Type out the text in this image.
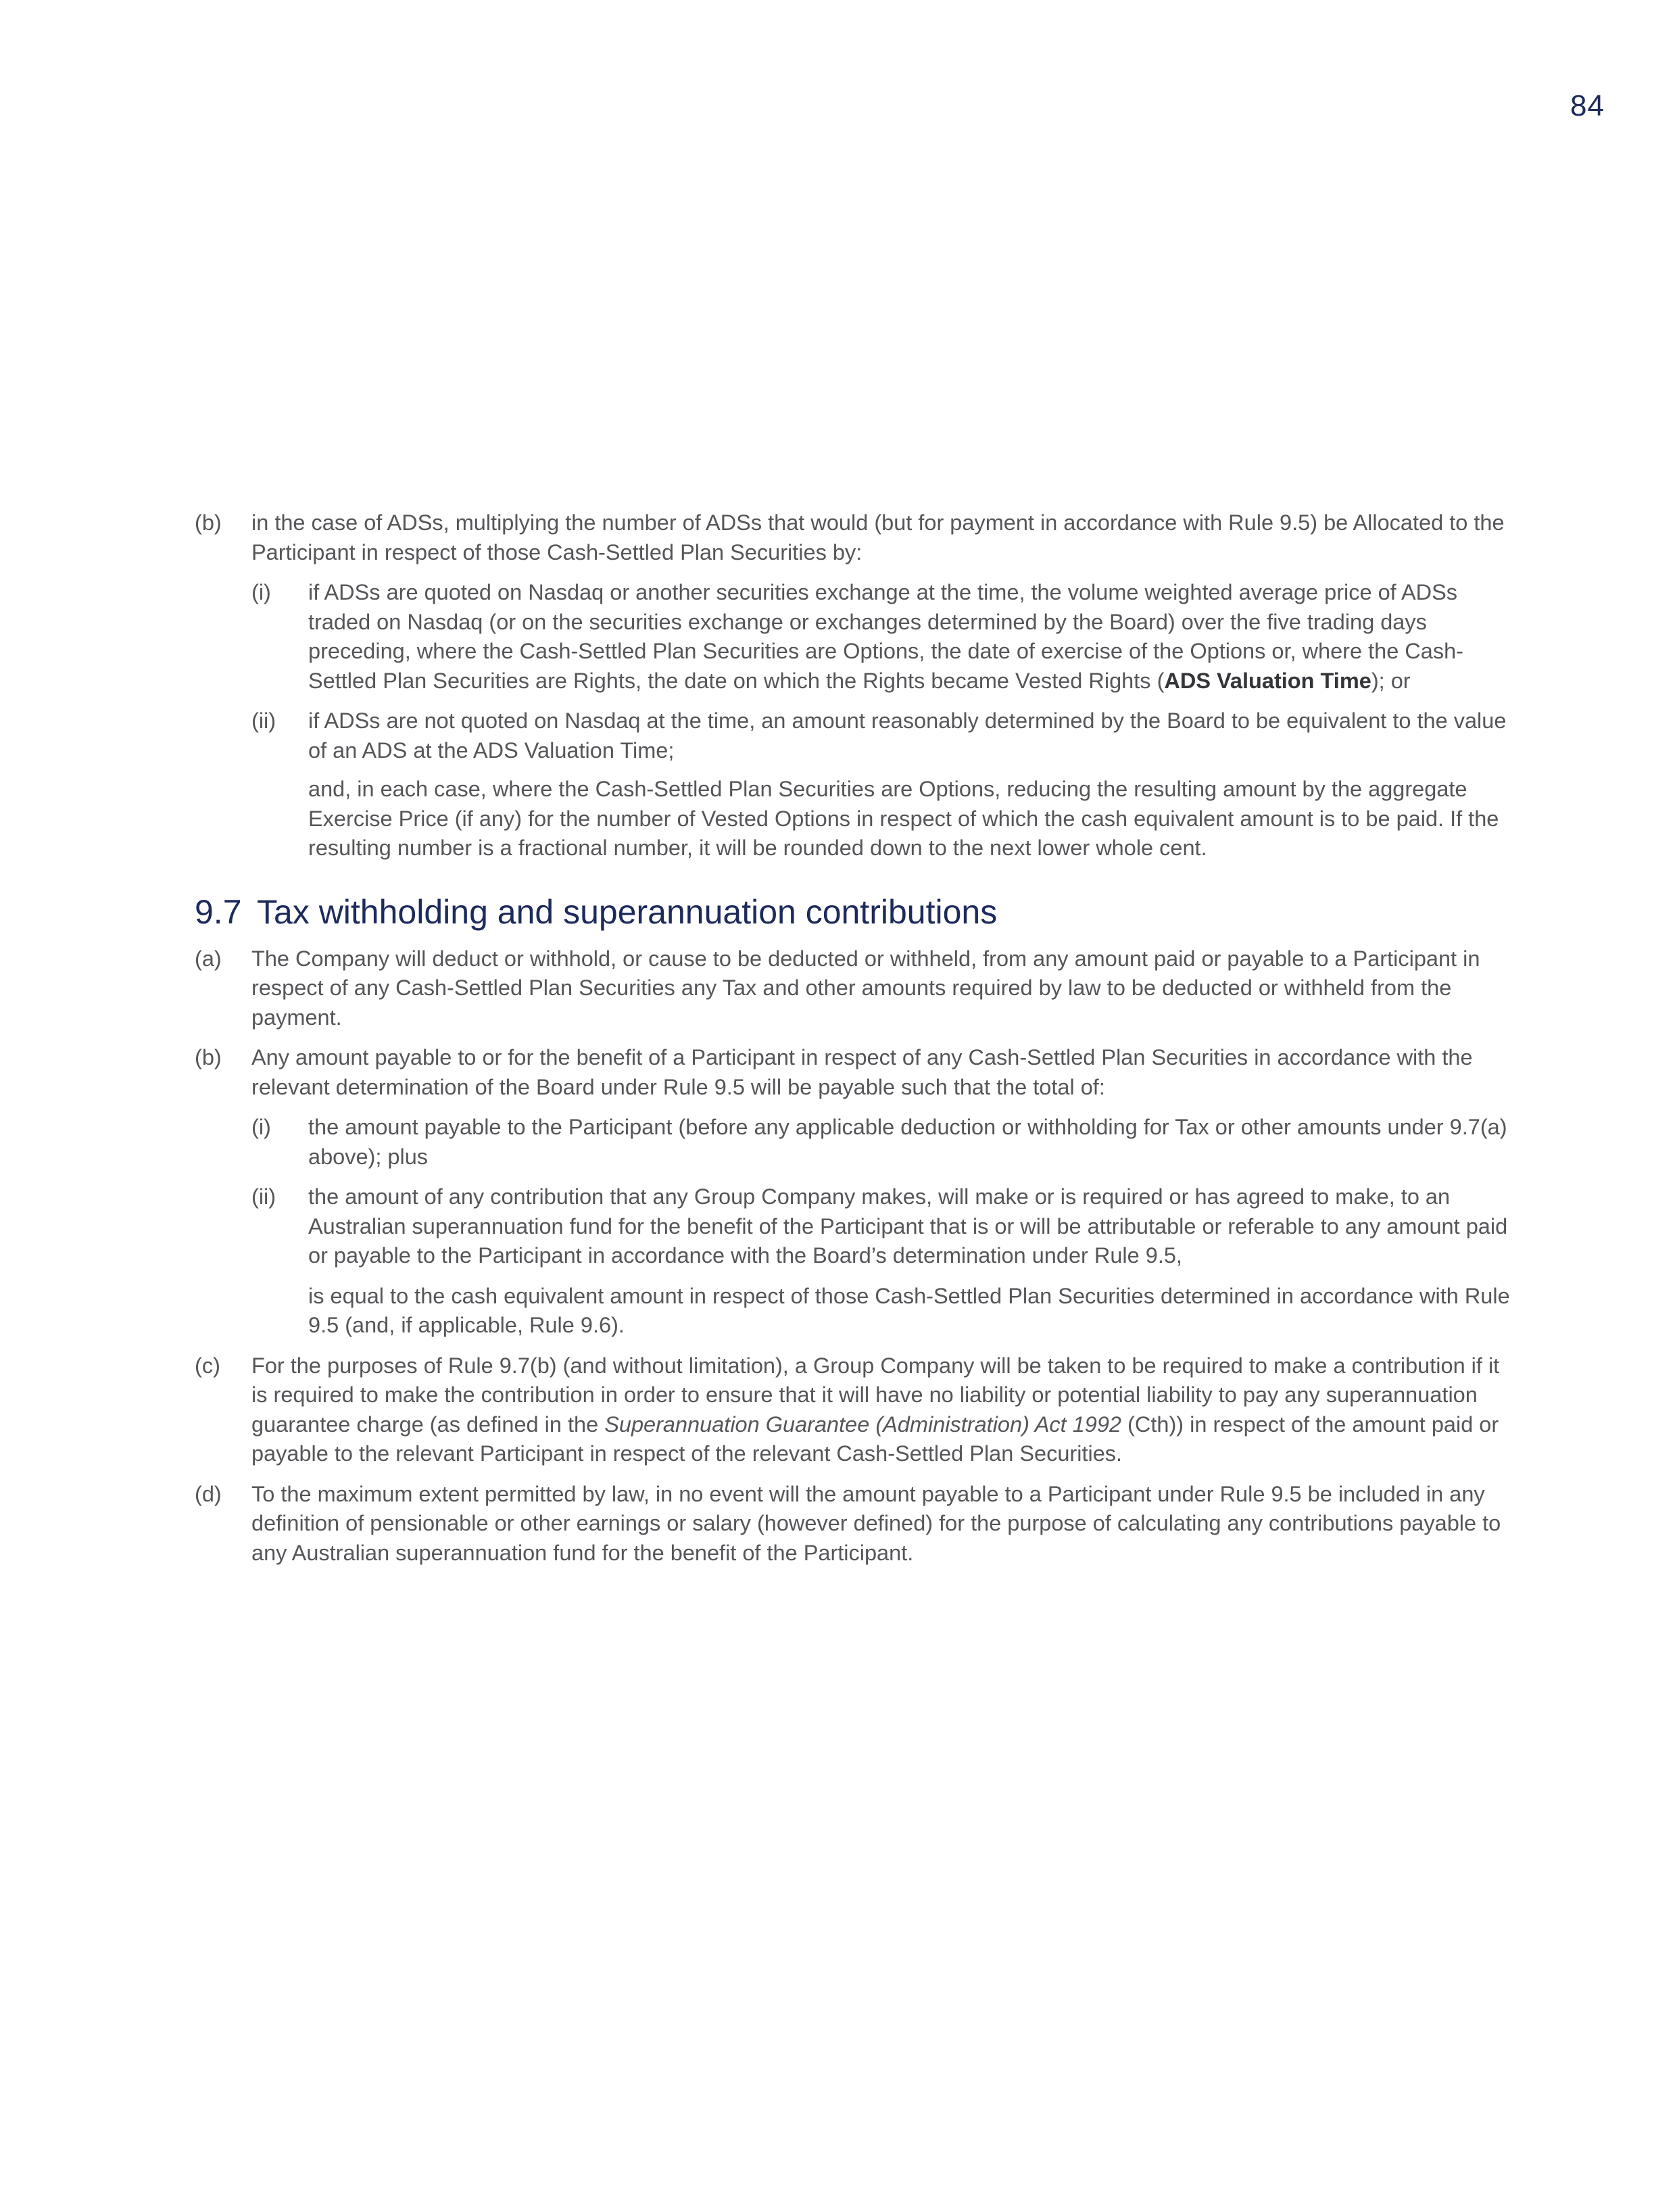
84
(b)	in the case of ADSs, multiplying the number of ADSs that would (but for payment in accordance with Rule 9.5) be Allocated to the Participant in respect of those Cash-Settled Plan Securities by:
(i)	if ADSs are quoted on Nasdaq or another securities exchange at the time, the volume weighted average price of ADSs traded on Nasdaq (or on the securities exchange or exchanges determined by the Board) over the five trading days preceding, where the Cash-Settled Plan Securities are Options, the date of exercise of the Options or, where the Cash-Settled Plan Securities are Rights, the date on which the Rights became Vested Rights (ADS Valuation Time); or
(ii)	if ADSs are not quoted on Nasdaq at the time, an amount reasonably determined by the Board to be equivalent to the value of an ADS at the ADS Valuation Time;
and, in each case, where the Cash-Settled Plan Securities are Options, reducing the resulting amount by the aggregate Exercise Price (if any) for the number of Vested Options in respect of which the cash equivalent amount is to be paid. If the resulting number is a fractional number, it will be rounded down to the next lower whole cent.
9.7 Tax withholding and superannuation contributions
(a)	The Company will deduct or withhold, or cause to be deducted or withheld, from any amount paid or payable to a Participant in respect of any Cash-Settled Plan Securities any Tax and other amounts required by law to be deducted or withheld from the payment.
(b)	Any amount payable to or for the benefit of a Participant in respect of any Cash-Settled Plan Securities in accordance with the relevant determination of the Board under Rule 9.5 will be payable such that the total of:
(i)	the amount payable to the Participant (before any applicable deduction or withholding for Tax or other amounts under 9.7(a) above); plus
(ii)	the amount of any contribution that any Group Company makes, will make or is required or has agreed to make, to an Australian superannuation fund for the benefit of the Participant that is or will be attributable or referable to any amount paid or payable to the Participant in accordance with the Board’s determination under Rule 9.5,
is equal to the cash equivalent amount in respect of those Cash-Settled Plan Securities determined in accordance with Rule 9.5 (and, if applicable, Rule 9.6).
(c)	For the purposes of Rule 9.7(b) (and without limitation), a Group Company will be taken to be required to make a contribution if it is required to make the contribution in order to ensure that it will have no liability or potential liability to pay any superannuation guarantee charge (as defined in the Superannuation Guarantee (Administration) Act 1992 (Cth)) in respect of the amount paid or payable to the relevant Participant in respect of the relevant Cash-Settled Plan Securities.
(d)	To the maximum extent permitted by law, in no event will the amount payable to a Participant under Rule 9.5 be included in any definition of pensionable or other earnings or salary (however defined) for the purpose of calculating any contributions payable to any Australian superannuation fund for the benefit of the Participant.
